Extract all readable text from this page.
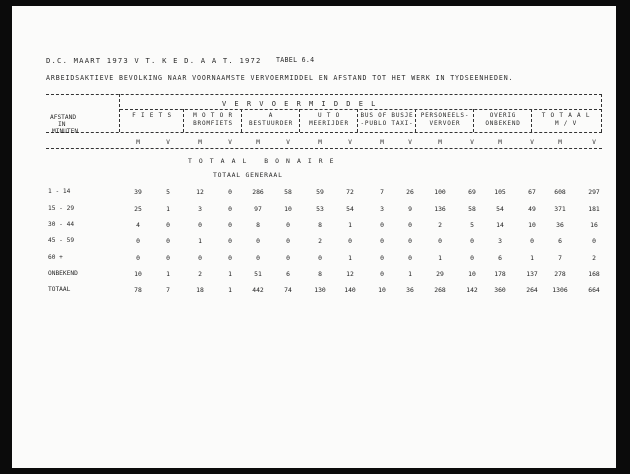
D.C. MAART 1973 V T. K E D. A A T. 1972 TABEL 6.4
ARBEIDSAKTIEVE BEVOLKING NAAR VOORNAAMSTE VERVOERMIDDEL EN AFSTAND TOT HET WERK IN TYDSEENHEDEN.
AFSTAND
IN
MINUTEN
V E R V O E R M I D D E L
F I E T S	M O T O R
BROMFIETS
A
BESTUURDER
U T O
MEERIJDER
BUS OF BUSJE
-PUBLO TAXI-
PERSONEELS-
VERVOER
OVERIG
ONBEKEND
T O T A A L
M / V
M	V	M	V	M	V	M	V	M	V	M	V	M	V	M	V
T O T A A L   B O N A I R E
TOTAAL GENERAAL
1 - 14	39	5	12	0	286	58	59	72	7	26	100	69	105	67	608	297
15 - 29	25	1	3	0	97	10	53	54	3	9	136	58	54	49	371	181
30 - 44	4	0	0	0	8	0	8	1	0	0	2	5	14	10	36	16
45 - 59	0	0	1	0	0	0	2	0	0	0	0	0	3	0	6	0
60 +	0	0	0	0	0	0	0	1	0	0	1	0	6	1	7	2
ONBEKEND	10	1	2	1	51	6	8	12	0	1	29	10	178	137	278	168
TOTAAL	78	7	18	1	442	74	130	140	10	36	268	142	360	264	1306	664
